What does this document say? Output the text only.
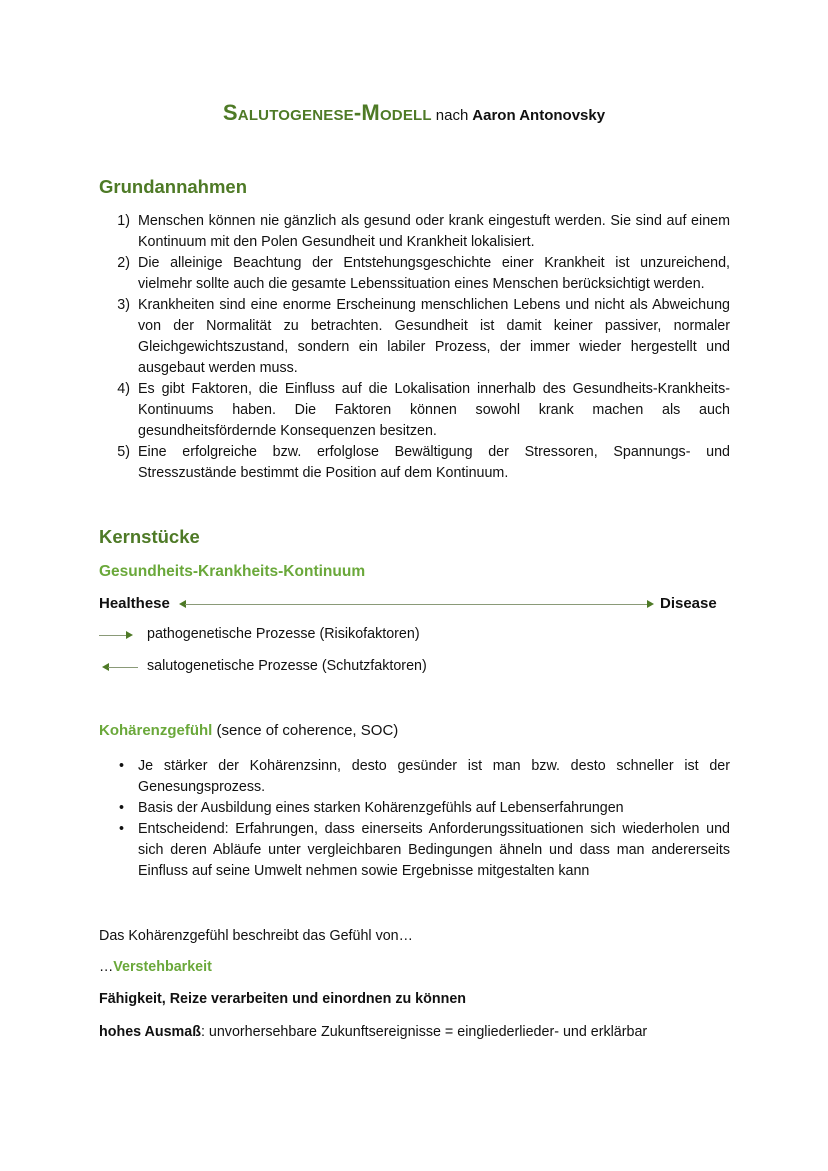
Salutogenese-Modell nach Aaron Antonovsky
Grundannahmen
1) Menschen können nie gänzlich als gesund oder krank eingestuft werden. Sie sind auf einem Kontinuum mit den Polen Gesundheit und Krankheit lokalisiert.
2) Die alleinige Beachtung der Entstehungsgeschichte einer Krankheit ist unzureichend, vielmehr sollte auch die gesamte Lebenssituation eines Menschen berücksichtigt werden.
3) Krankheiten sind eine enorme Erscheinung menschlichen Lebens und nicht als Abweichung von der Normalität zu betrachten. Gesundheit ist damit keiner passiver, normaler Gleichgewichtszustand, sondern ein labiler Prozess, der immer wieder hergestellt und ausgebaut werden muss.
4) Es gibt Faktoren, die Einfluss auf die Lokalisation innerhalb des Gesundheits-Krankheits-Kontinuums haben. Die Faktoren können sowohl krank machen als auch gesundheitsfördernde Konsequenzen besitzen.
5) Eine erfolgreiche bzw. erfolglose Bewältigung der Stressoren, Spannungs- und Stresszustände bestimmt die Position auf dem Kontinuum.
Kernstücke
Gesundheits-Krankheits-Kontinuum
Healthese	Disease
pathogenetische Prozesse (Risikofaktoren)
salutogenetische Prozesse (Schutzfaktoren)
Kohärenzgefühl (sence of coherence, SOC)
• Je stärker der Kohärenzsinn, desto gesünder ist man bzw. desto schneller ist der Genesungsprozess.
• Basis der Ausbildung eines starken Kohärenzgefühls auf Lebenserfahrungen
• Entscheidend: Erfahrungen, dass einerseits Anforderungssituationen sich wiederholen und sich deren Abläufe unter vergleichbaren Bedingungen ähneln und dass man andererseits Einfluss auf seine Umwelt nehmen sowie Ergebnisse mitgestalten kann
Das Kohärenzgefühl beschreibt das Gefühl von…
…Verstehbarkeit
Fähigkeit, Reize verarbeiten und einordnen zu können
hohes Ausmaß: unvorhersehbare Zukunftsereignisse = eingliederlieder- und erklärbar
